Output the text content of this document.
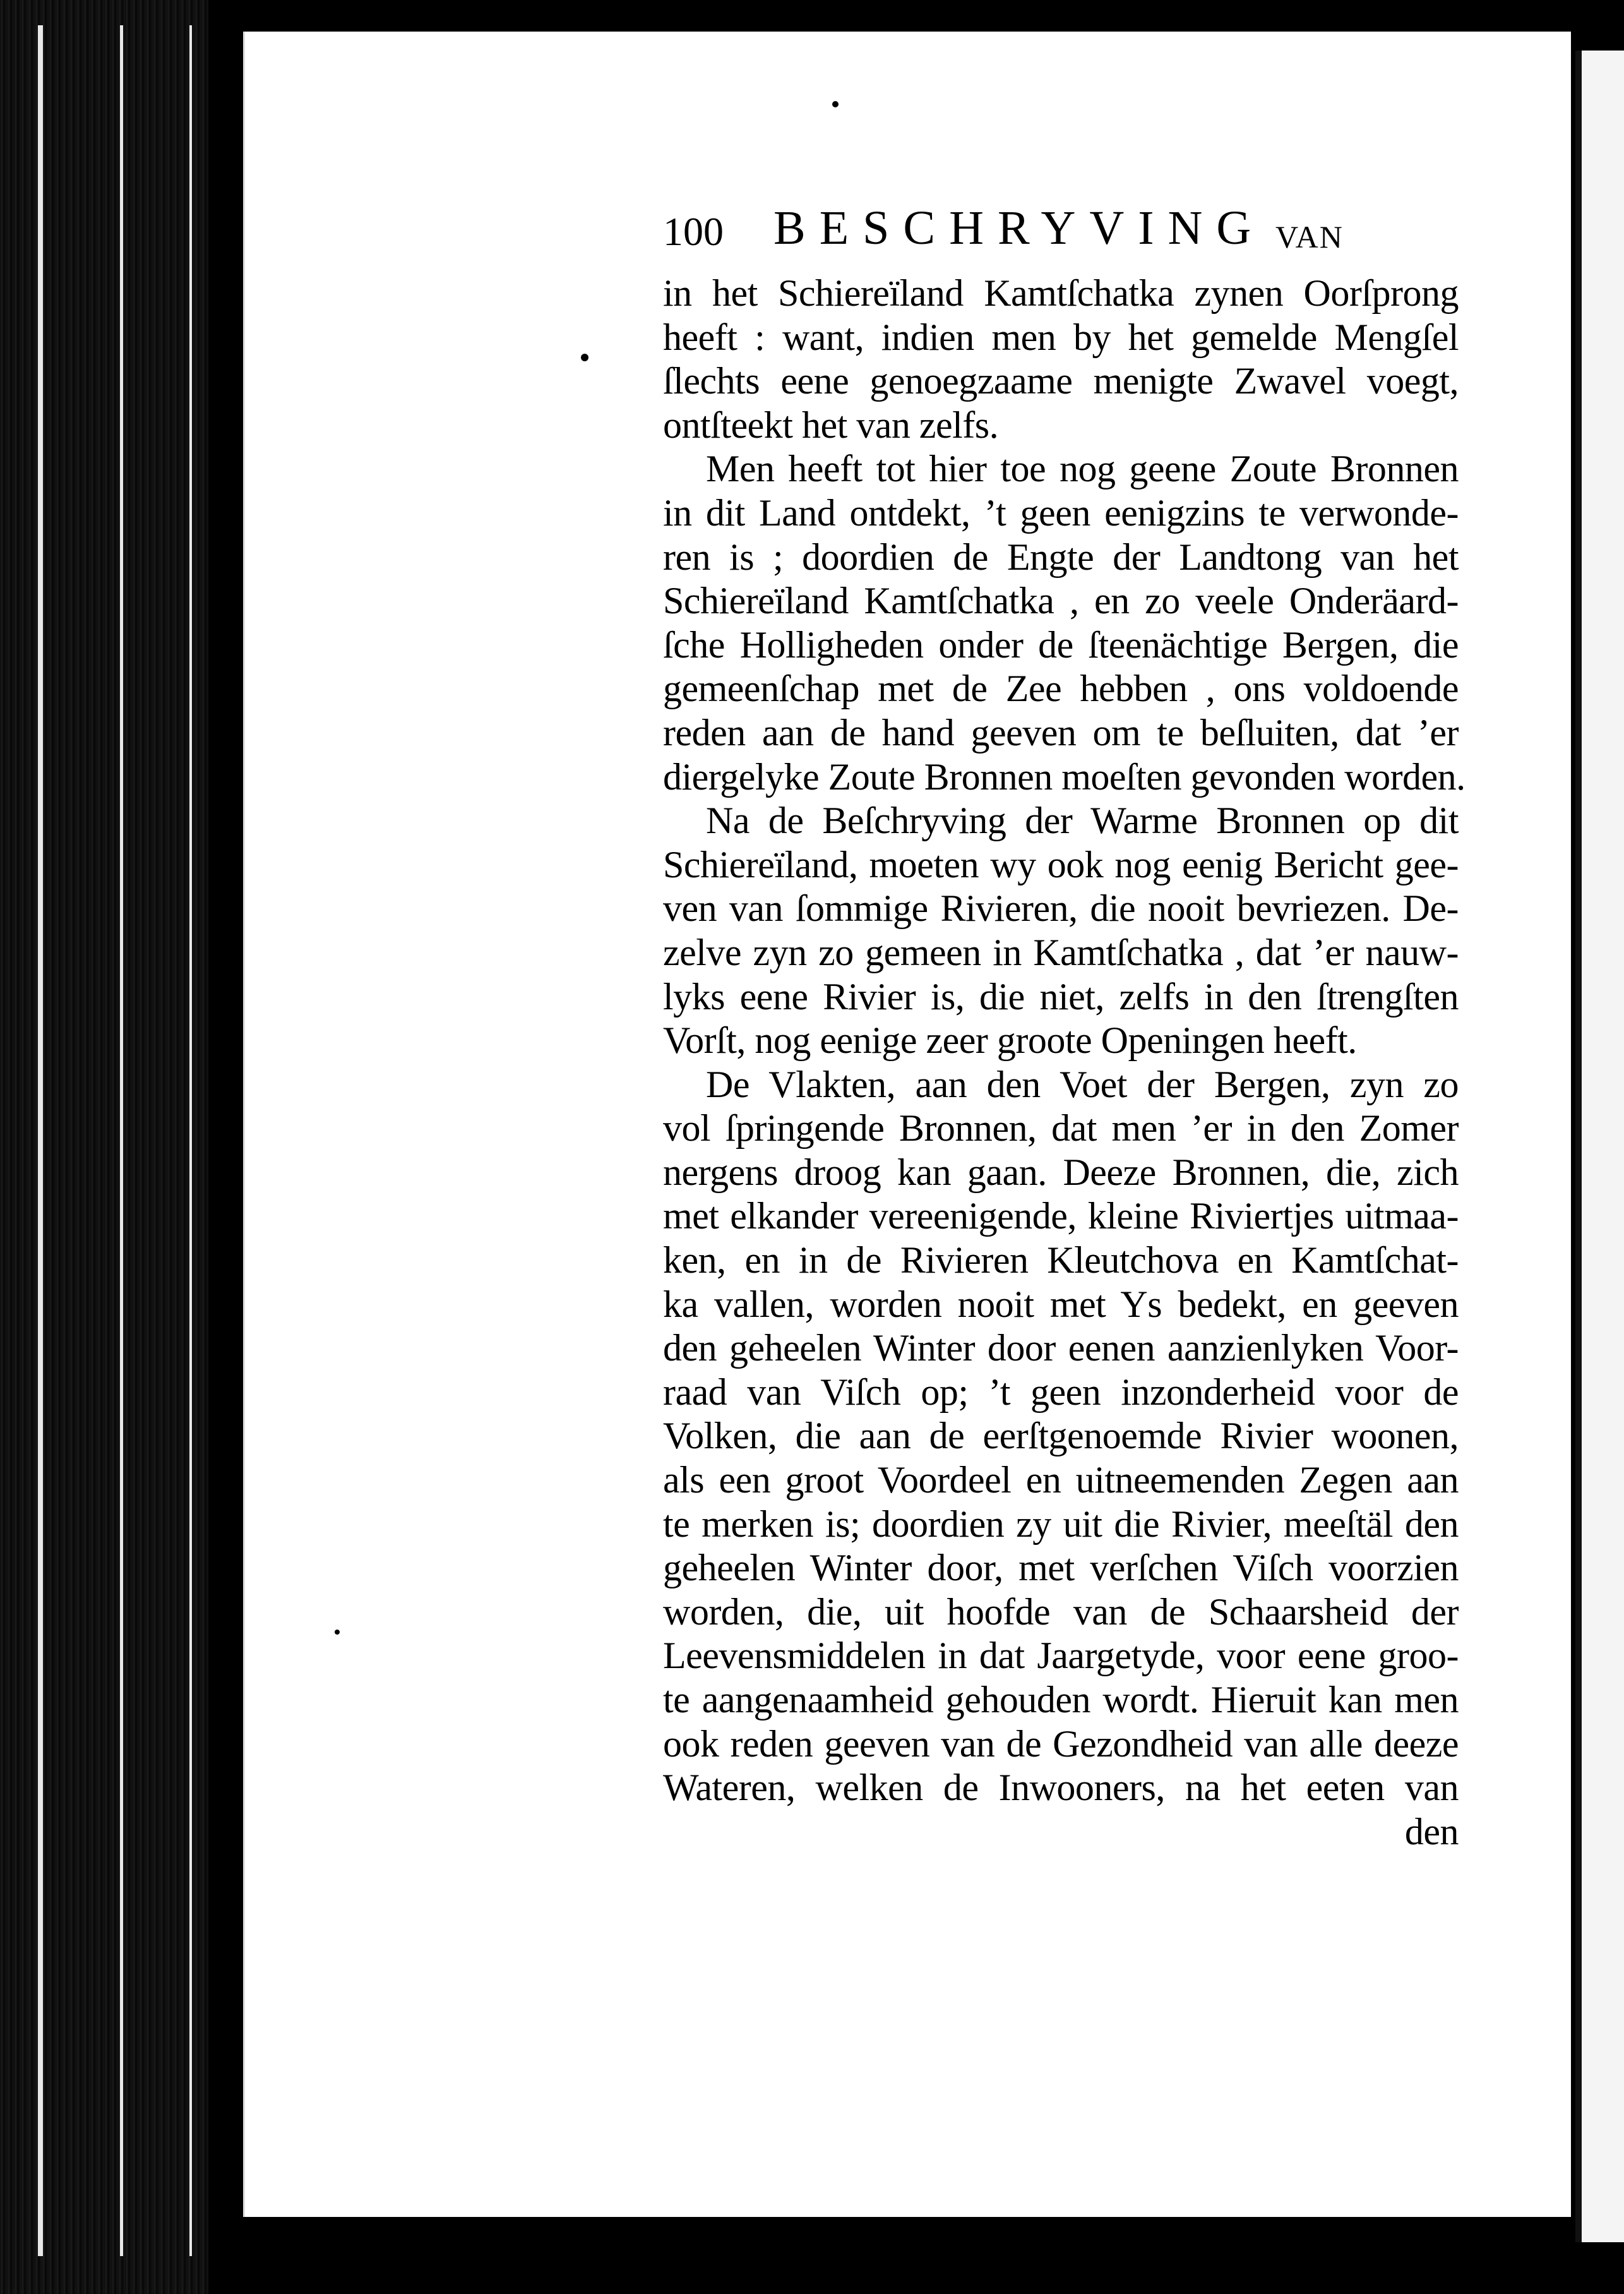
100 BESCHRYVING VAN
in het Schiereïland Kamtſchatka zynen Oorſprong
heeft : want, indien men by het gemelde Mengſel
ſlechts eene genoegzaame menigte Zwavel voegt,
ontſteekt het van zelfs.
Men heeft tot hier toe nog geene Zoute Bronnen
in dit Land ontdekt, ’t geen eenigzins te verwonde-
ren is ; doordien de Engte der Landtong van het
Schiereïland Kamtſchatka , en zo veele Onderäard-
ſche Holligheden onder de ſteenächtige Bergen, die
gemeenſchap met de Zee hebben , ons voldoende
reden aan de hand geeven om te beſluiten, dat ’er
diergelyke Zoute Bronnen moeſten gevonden worden.
Na de Beſchryving der Warme Bronnen op dit
Schiereïland, moeten wy ook nog eenig Bericht gee-
ven van ſommige Rivieren, die nooit bevriezen. De-
zelve zyn zo gemeen in Kamtſchatka , dat ’er nauw-
lyks eene Rivier is, die niet, zelfs in den ſtrengſten
Vorſt, nog eenige zeer groote Openingen heeft.
De Vlakten, aan den Voet der Bergen, zyn zo
vol ſpringende Bronnen, dat men ’er in den Zomer
nergens droog kan gaan. Deeze Bronnen, die, zich
met elkander vereenigende, kleine Riviertjes uitmaa-
ken, en in de Rivieren Kleutchova en Kamtſchat-
ka vallen, worden nooit met Ys bedekt, en geeven
den geheelen Winter door eenen aanzienlyken Voor-
raad van Viſch op; ’t geen inzonderheid voor de
Volken, die aan de eerſtgenoemde Rivier woonen,
als een groot Voordeel en uitneemenden Zegen aan
te merken is; doordien zy uit die Rivier, meeſtäl den
geheelen Winter door, met verſchen Viſch voorzien
worden, die, uit hoofde van de Schaarsheid der
Leevensmiddelen in dat Jaargetyde, voor eene groo-
te aangenaamheid gehouden wordt. Hieruit kan men
ook reden geeven van de Gezondheid van alle deeze
Wateren, welken de Inwooners, na het eeten van
den
